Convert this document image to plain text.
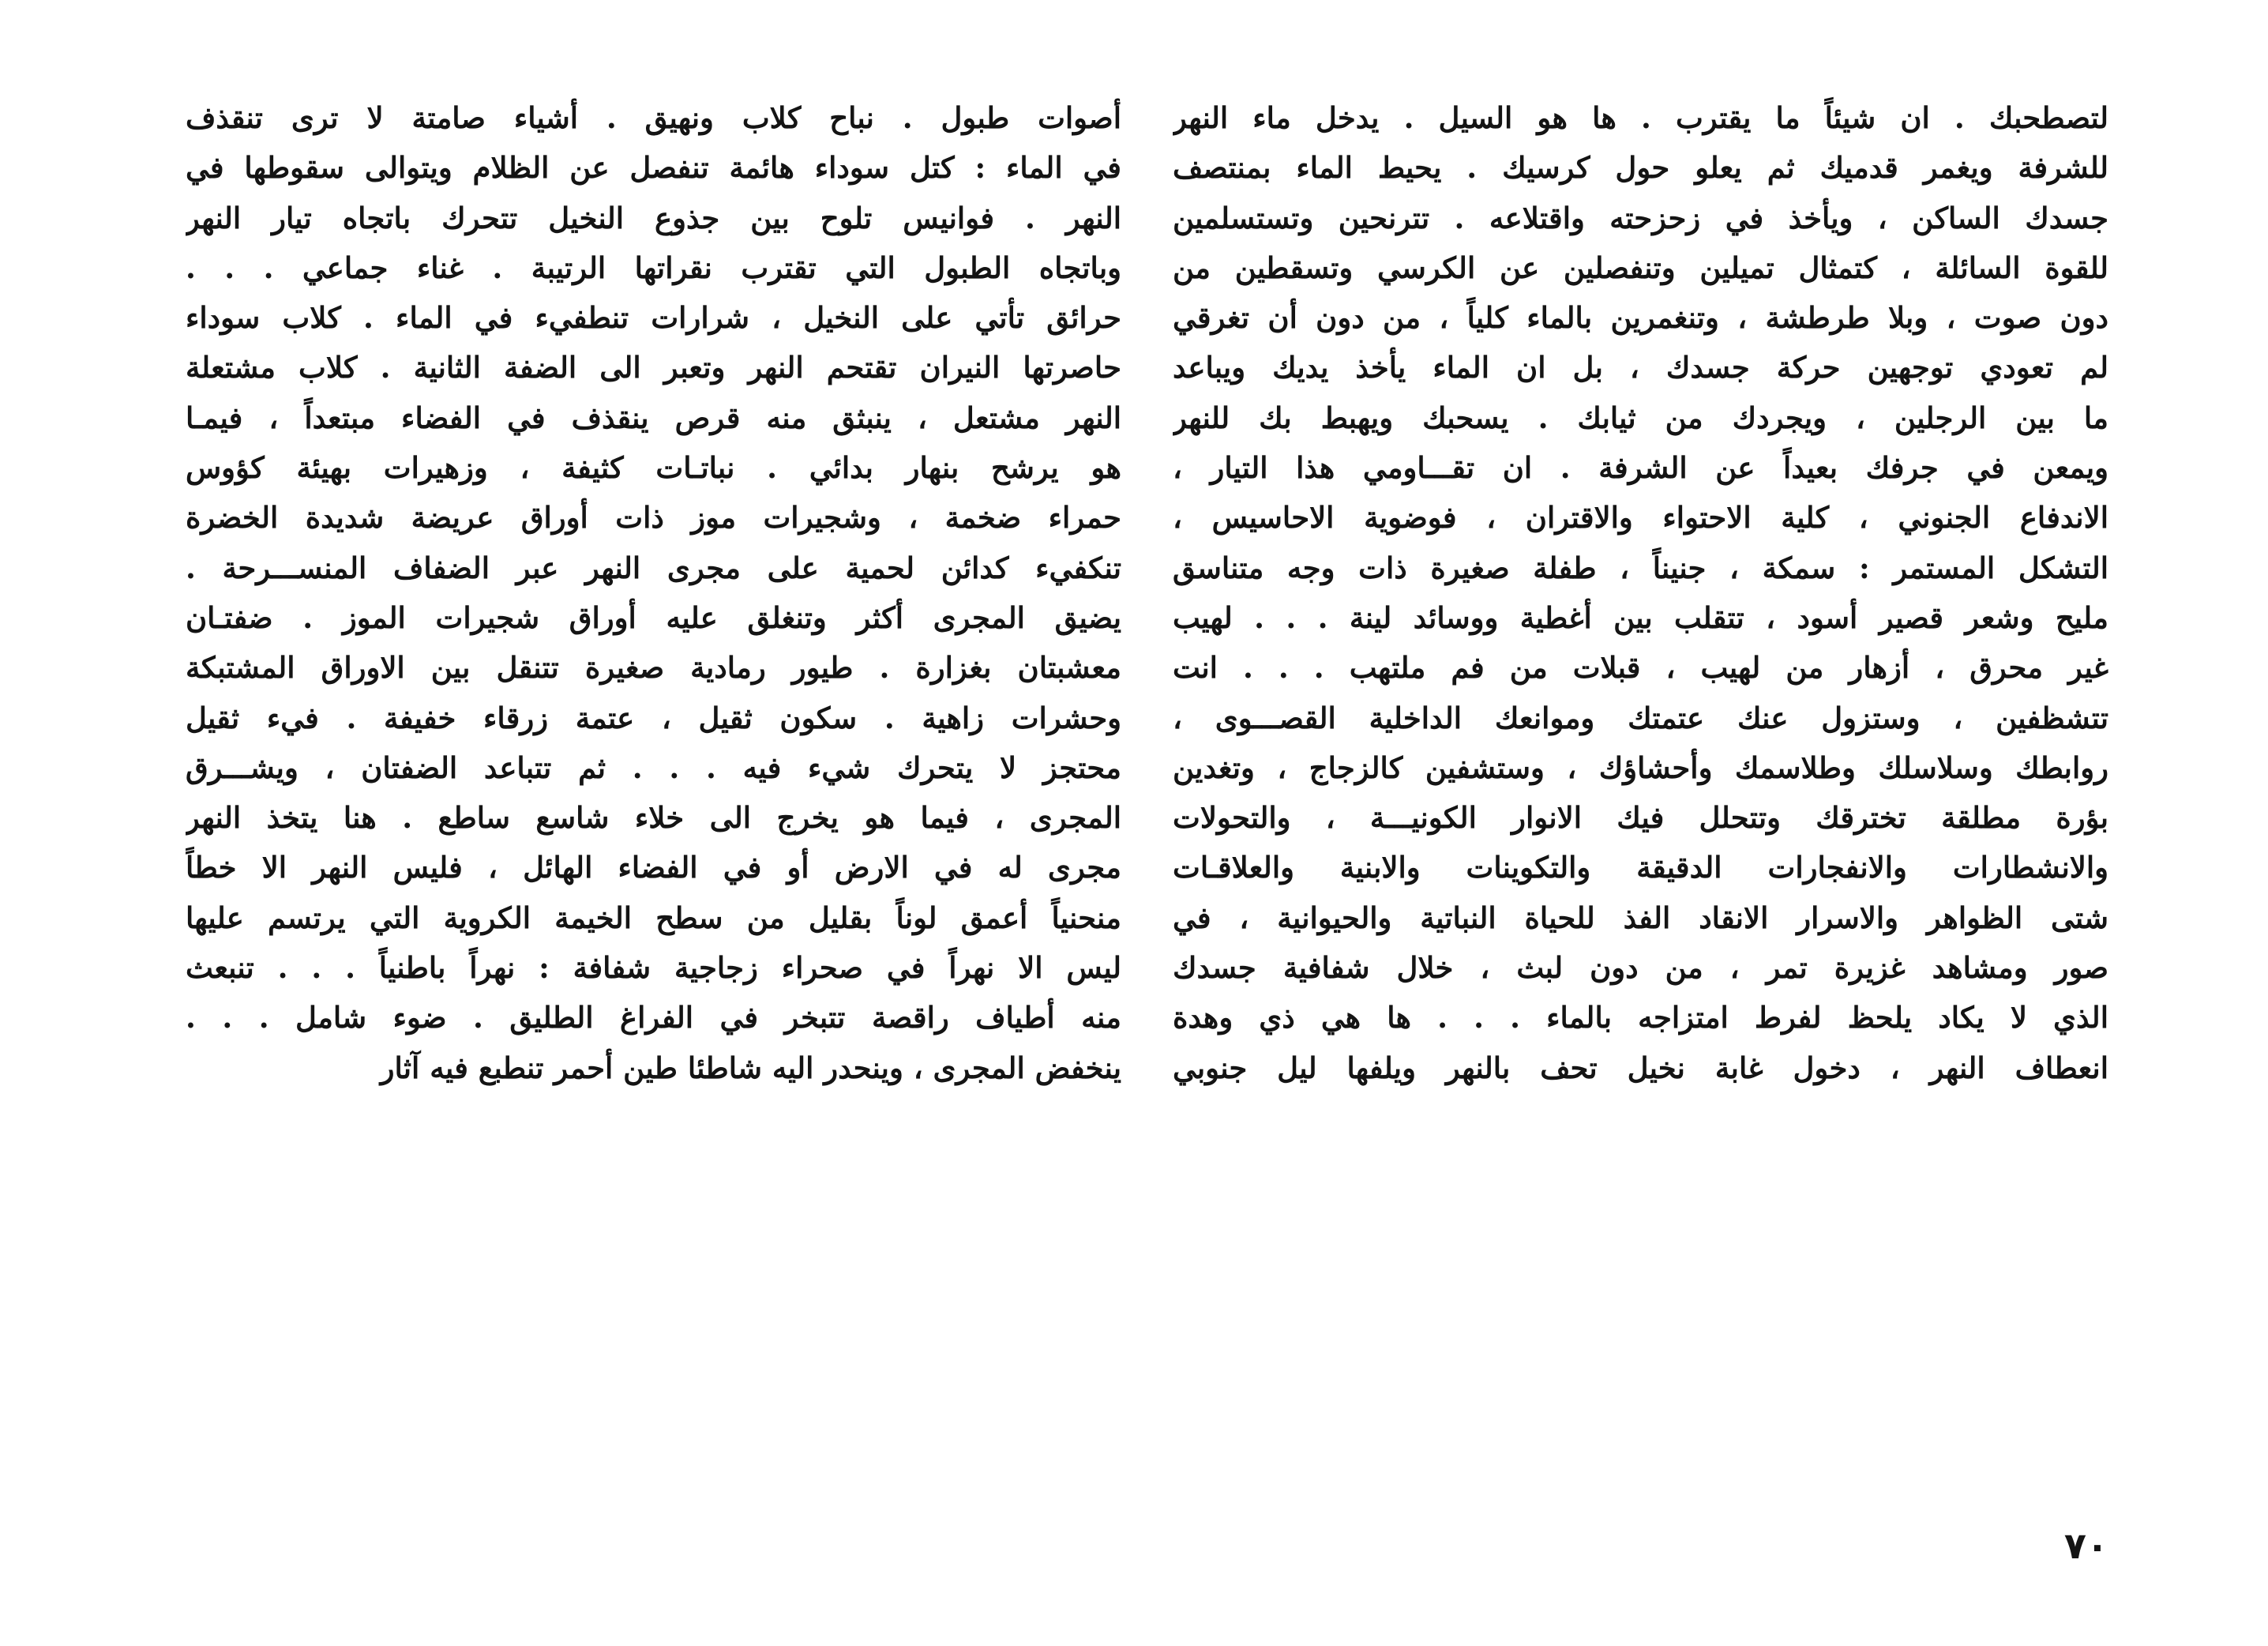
لتصطحبك . ان شيئاً ما يقترب . ها هو السيل . يدخل ماء النهر
للشرفة ويغمر قدميك ثم يعلو حول كرسيك . يحيط الماء بمنتصف
جسدك الساكن ، ويأخذ في زحزحته واقتلاعه . تترنحين وتستسلمين
للقوة السائلة ، كتمثال تميلين وتنفصلين عن الكرسي وتسقطين من
دون صوت ، وبلا طرطشة ، وتنغمرين بالماء كلياً ، من دون أن تغرقي
لم تعودي توجهين حركة جسدك ، بل ان الماء يأخذ يديك ويباعد
ما بين الرجلين ، ويجردك من ثيابك . يسحبك ويهبط بك للنهر
ويمعن في جرفك بعيداً عن الشرفة . ان تقـــاومي هذا التيار ،
الاندفاع الجنوني ، كلية الاحتواء والاقتران ، فوضوية الاحاسيس ،
التشكل المستمر : سمكة ، جنيناً ، طفلة صغيرة ذات وجه متناسق
مليح وشعر قصير أسود ، تتقلب بين أغطية ووسائد لينة . . . لهيب
غير محرق ، أزهار من لهيب ، قبلات من فم ملتهب . . . انت
تتشظفين ، وستزول عنك عتمتك وموانعك الداخلية القصـــوى ،
روابطك وسلاسلك وطلاسمك وأحشاؤك ، وستشفين كالزجاج ، وتغدين
بؤرة مطلقة تخترقك وتتحلل فيك الانوار الكونيـــة ، والتحولات
والانشطارات والانفجارات الدقيقة والتكوينات والابنية والعلاقـات
شتى الظواهر والاسرار الانقاد الفذ للحياة النباتية والحيوانية ، في
صور ومشاهد غزيرة تمر ، من دون لبث ، خلال شفافية جسدك
الذي لا يكاد يلحظ لفرط امتزاجه بالماء . . . ها هي ذي وهدة
انعطاف النهر ، دخول غابة نخيل تحف بالنهر ويلفها ليل جنوبي
أصوات طبول . نباح كلاب ونهيق . أشياء صامتة لا ترى تنقذف
في الماء : كتل سوداء هائمة تنفصل عن الظلام ويتوالى سقوطها في
النهر . فوانيس تلوح بين جذوع النخيل تتحرك باتجاه تيار النهر
وباتجاه الطبول التي تقترب نقراتها الرتيبة . غناء جماعي . . .
حرائق تأتي على النخيل ، شرارات تنطفيء في الماء . كلاب سوداء
حاصرتها النيران تقتحم النهر وتعبر الى الضفة الثانية . كلاب مشتعلة
النهر مشتعل ، ينبثق منه قرص ينقذف في الفضاء مبتعداً ، فيمـا
هو يرشح بنهار بدائي . نباتـات كثيفة ، وزهيرات بهيئة كؤوس
حمراء ضخمة ، وشجيرات موز ذات أوراق عريضة شديدة الخضرة
تنكفيء كدائن لحمية على مجرى النهر عبر الضفاف المنســـرحة .
يضيق المجرى أكثر وتنغلق عليه أوراق شجيرات الموز . ضفتـان
معشبتان بغزارة . طيور رمادية صغيرة تتنقل بين الاوراق المشتبكة
وحشرات زاهية . سكون ثقيل ، عتمة زرقاء خفيفة . فيء ثقيل
محتجز لا يتحرك شيء فيه . . . ثم تتباعد الضفتان ، ويشـــرق
المجرى ، فيما هو يخرج الى خلاء شاسع ساطع . هنا يتخذ النهر
مجرى له في الارض أو في الفضاء الهائل ، فليس النهر الا خطاً
منحنياً أعمق لوناً بقليل من سطح الخيمة الكروية التي يرتسم عليها
ليس الا نهراً في صحراء زجاجية شفافة : نهراً باطنياً . . . تنبعث
منه أطياف راقصة تتبخر في الفراغ الطليق . ضوء شامل . . .
ينخفض المجرى ، وينحدر اليه شاطئا طين أحمر تنطبع فيه آثار
٧٠
